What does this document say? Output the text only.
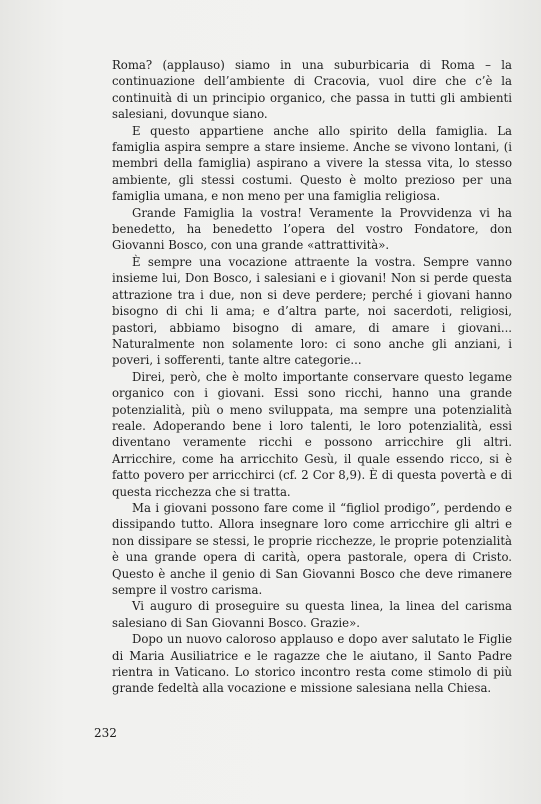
Roma? (applauso) siamo in una suburbicaria di Roma – la continuazione dell’ambiente di Cracovia, vuol dire che c’è la continuità di un principio organico, che passa in tutti gli ambienti salesiani, dovunque siano.

E questo appartiene anche allo spirito della famiglia. La famiglia aspira sempre a stare insieme. Anche se vivono lontani, (i membri della famiglia) aspirano a vivere la stessa vita, lo stesso ambiente, gli stessi costumi. Questo è molto prezioso per una famiglia umana, e non meno per una famiglia religiosa.

Grande Famiglia la vostra! Veramente la Provvidenza vi ha benedetto, ha benedetto l’opera del vostro Fondatore, don Giovanni Bosco, con una grande «attrattività».

È sempre una vocazione attraente la vostra. Sempre vanno insieme lui, Don Bosco, i salesiani e i giovani! Non si perde questa attrazione tra i due, non si deve perdere; perché i giovani hanno bisogno di chi li ama; e d’altra parte, noi sacerdoti, religiosi, pastori, abbiamo bisogno di amare, di amare i giovani... Naturalmente non solamente loro: ci sono anche gli anziani, i poveri, i sofferenti, tante altre categorie...

Direi, però, che è molto importante conservare questo legame organico con i giovani. Essi sono ricchi, hanno una grande potenzialità, più o meno sviluppata, ma sempre una potenzialità reale. Adoperando bene i loro talenti, le loro potenzialità, essi diventano veramente ricchi e possono arricchire gli altri. Arricchire, come ha arricchito Gesù, il quale essendo ricco, si è fatto povero per arricchirci (cf. 2 Cor 8,9). È di questa povertà e di questa ricchezza che si tratta.

Ma i giovani possono fare come il “figliol prodigo”, perdendo e dissipando tutto. Allora insegnare loro come arricchire gli altri e non dissipare se stessi, le proprie ricchezze, le proprie potenzialità è una grande opera di carità, opera pastorale, opera di Cristo. Questo è anche il genio di San Giovanni Bosco che deve rimanere sempre il vostro carisma.

Vi auguro di proseguire su questa linea, la linea del carisma salesiano di San Giovanni Bosco. Grazie».

Dopo un nuovo caloroso applauso e dopo aver salutato le Figlie di Maria Ausiliatrice e le ragazze che le aiutano, il Santo Padre rientra in Vaticano. Lo storico incontro resta come stimolo di più grande fedeltà alla vocazione e missione salesiana nella Chiesa.

232
